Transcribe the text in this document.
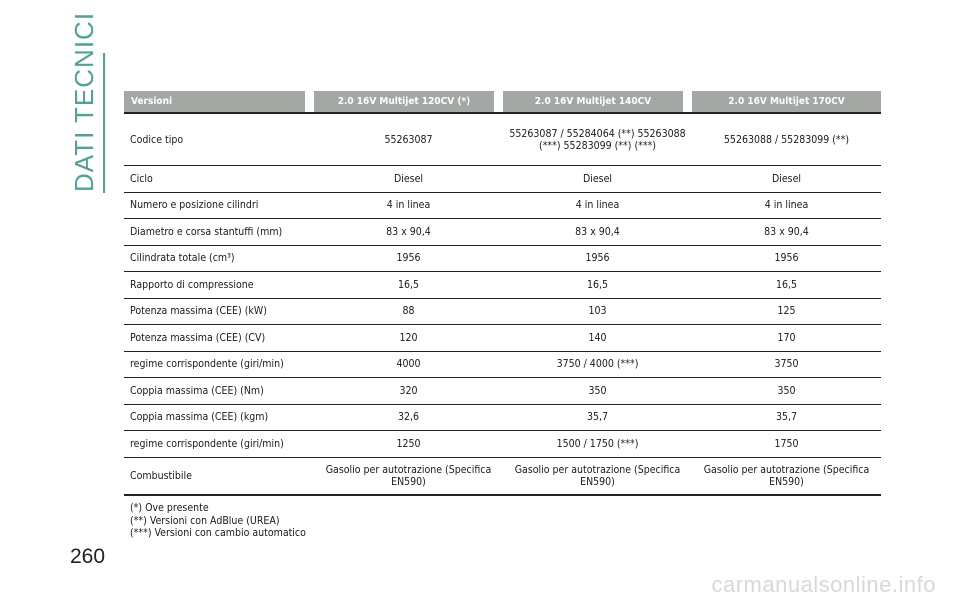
DATI TECNICI	Versioni	2.0 16V Multijet 120CV (*)	2.0 16V Multijet 140CV	2.0 16V Multijet 170CV

Codice tipo	55263087	55263087 / 55284064 (**) 55263088 (***) 55283099 (**) (***)	55263088 / 55283099 (**)
Ciclo	Diesel	Diesel	Diesel
Numero e posizione cilindri	4 in linea	4 in linea	4 in linea
Diametro e corsa stantuffi (mm)	83 x 90,4	83 x 90,4	83 x 90,4
Cilindrata totale (cm³)	1956	1956	1956
Rapporto di compressione	16,5	16,5	16,5
Potenza massima (CEE) (kW)	88	103	125
Potenza massima (CEE) (CV)	120	140	170
regime corrispondente (giri/min)	4000	3750 / 4000 (***)	3750
Coppia massima (CEE) (Nm)	320	350	350
Coppia massima (CEE) (kgm)	32,6	35,7	35,7
regime corrispondente (giri/min)	1250	1500 / 1750 (***)	1750
Combustibile	Gasolio per autotrazione (Specifica EN590)	Gasolio per autotrazione (Specifica EN590)	Gasolio per autotrazione (Specifica EN590)
(*) Ove presente
(**) Versioni con AdBlue (UREA)
(***) Versioni con cambio automatico
260
carmanualsonline.info
